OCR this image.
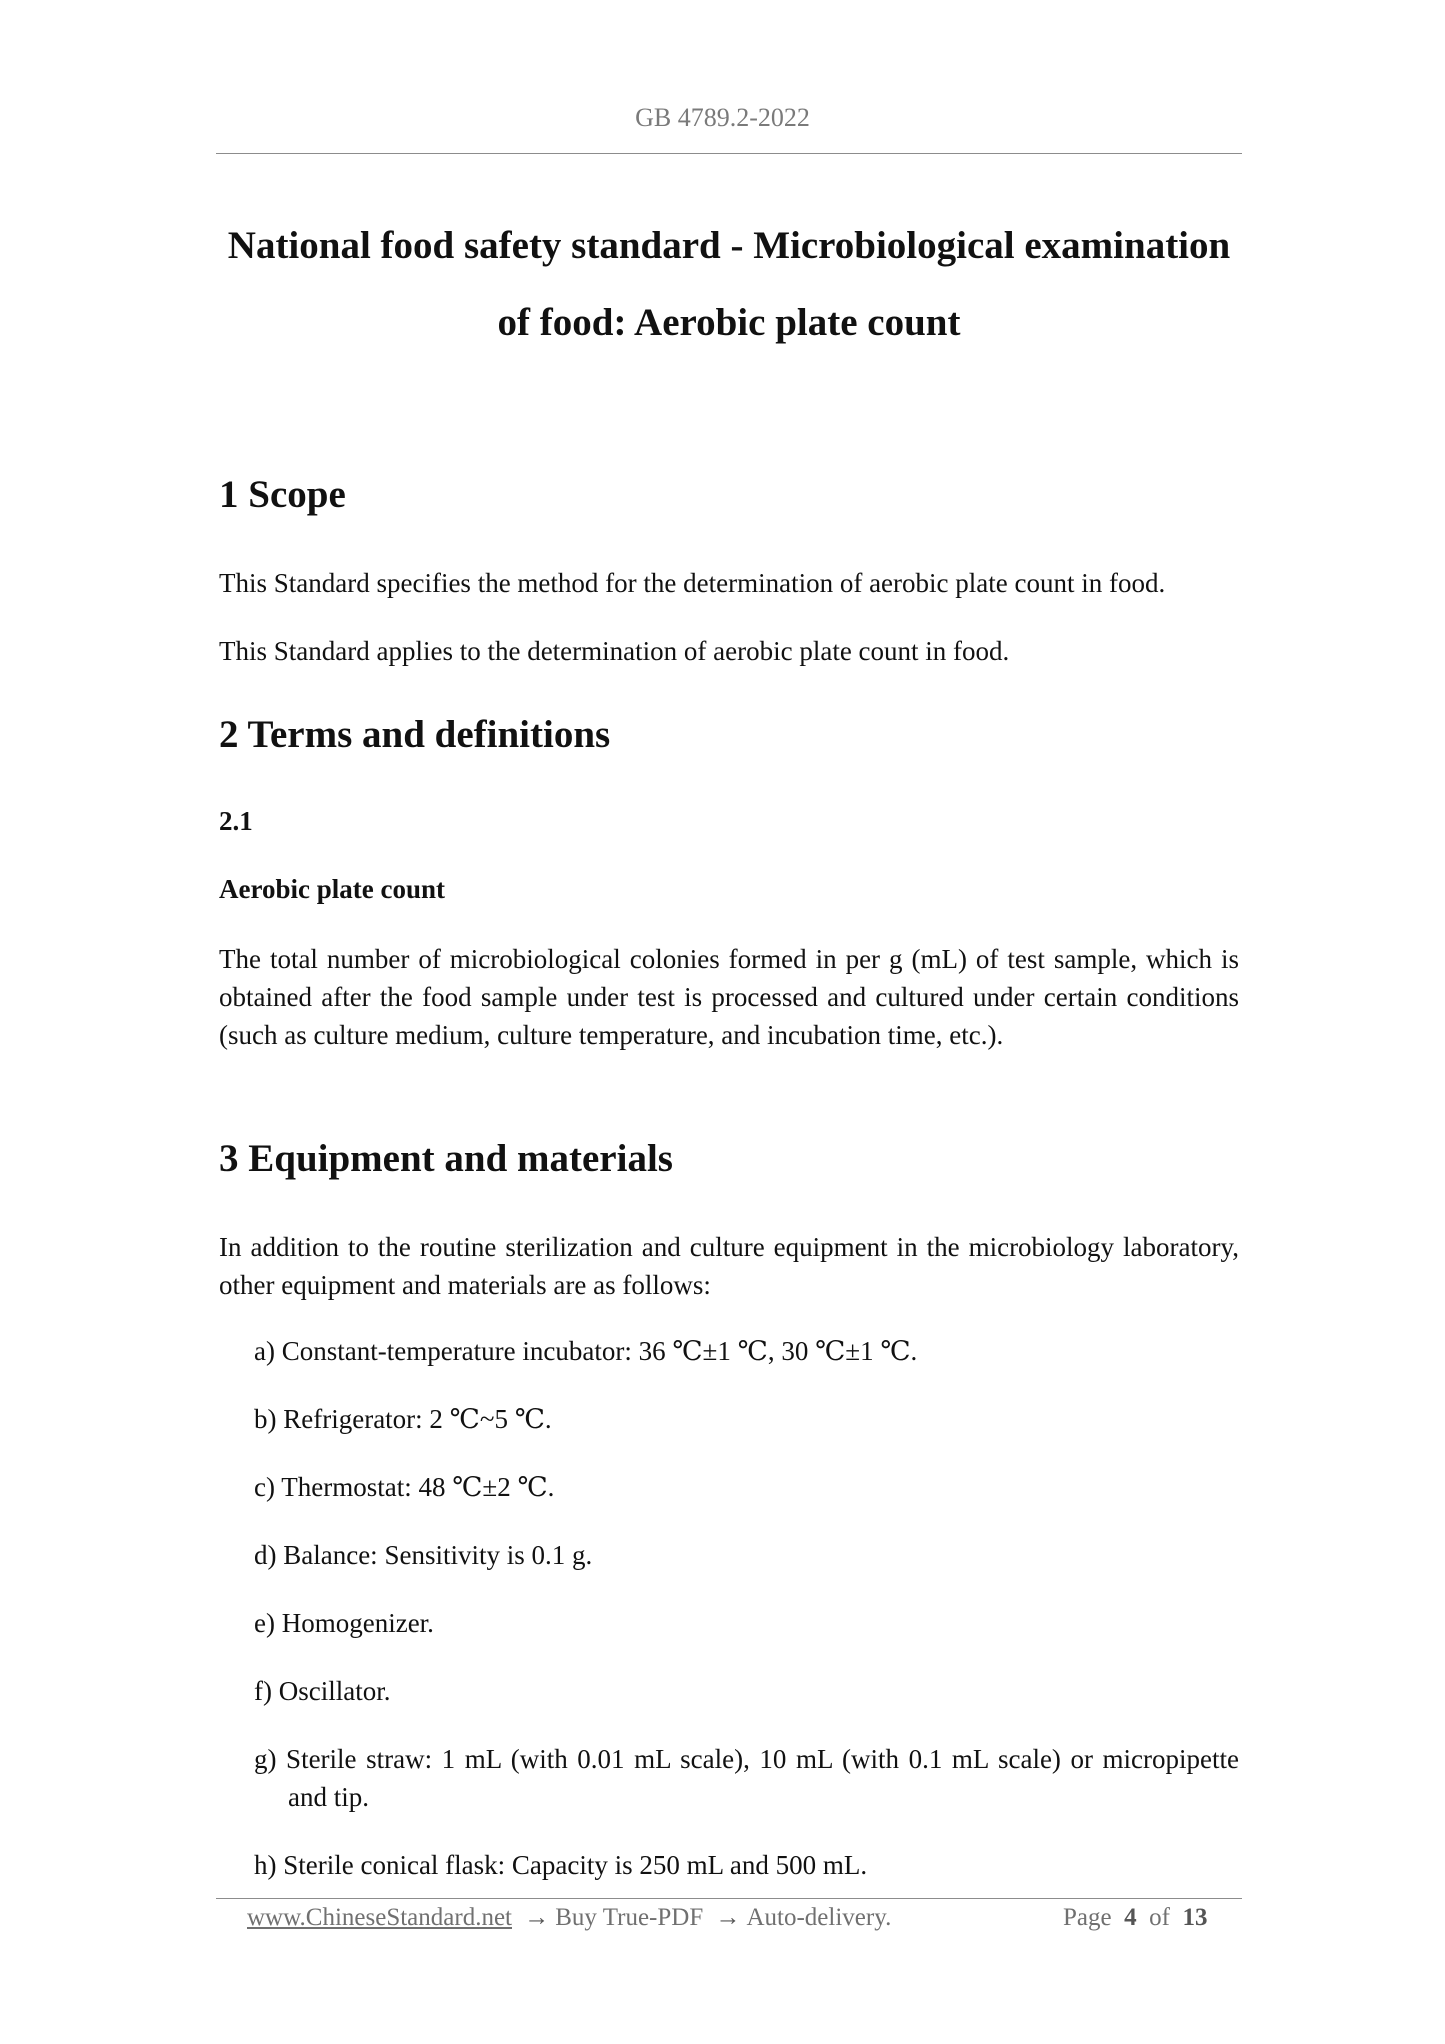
GB 4789.2-2022
National food safety standard - Microbiological examination
of food: Aerobic plate count
1 Scope
This Standard specifies the method for the determination of aerobic plate count in food.
This Standard applies to the determination of aerobic plate count in food.
2 Terms and definitions
2.1
Aerobic plate count
The total number of microbiological colonies formed in per g (mL) of test sample, which is obtained after the food sample under test is processed and cultured under certain conditions (such as culture medium, culture temperature, and incubation time, etc.).
3 Equipment and materials
In addition to the routine sterilization and culture equipment in the microbiology laboratory, other equipment and materials are as follows:
a) Constant-temperature incubator: 36 ℃±1 ℃, 30 ℃±1 ℃.
b) Refrigerator: 2 ℃~5 ℃.
c) Thermostat: 48 ℃±2 ℃.
d) Balance: Sensitivity is 0.1 g.
e) Homogenizer.
f) Oscillator.
g) Sterile straw: 1 mL (with 0.01 mL scale), 10 mL (with 0.1 mL scale) or micropipette and tip.
h) Sterile conical flask: Capacity is 250 mL and 500 mL.
www.ChineseStandard.net → Buy True-PDF → Auto-delivery.	Page 4 of 13
